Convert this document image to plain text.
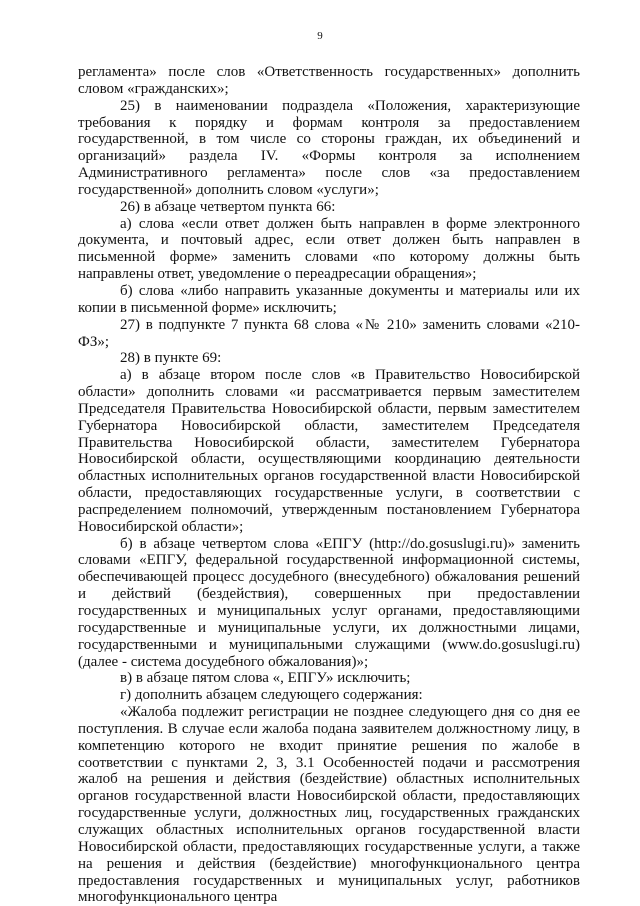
9

регламента» после слов «Ответственность государственных» дополнить словом «гражданских»;

25) в наименовании подраздела «Положения, характеризующие требования к порядку и формам контроля за предоставлением государственной, в том числе со стороны граждан, их объединений и организаций» раздела IV. «Формы контроля за исполнением Административного регламента» после слов «за предоставлением государственной» дополнить словом «услуги»;

26) в абзаце четвертом пункта 66:

а) слова «если ответ должен быть направлен в форме электронного документа, и почтовый адрес, если ответ должен быть направлен в письменной форме» заменить словами «по которому должны быть направлены ответ, уведомление о переадресации обращения»;

б) слова «либо направить указанные документы и материалы или их копии в письменной форме» исключить;

27) в подпункте 7 пункта 68 слова «№ 210» заменить словами «210-ФЗ»;

28) в пункте 69:

а) в абзаце втором после слов «в Правительство Новосибирской области» дополнить словами «и рассматривается первым заместителем Председателя Правительства Новосибирской области, первым заместителем Губернатора Новосибирской области, заместителем Председателя Правительства Новосибирской области, заместителем Губернатора Новосибирской области, осуществляющими координацию деятельности областных исполнительных органов государственной власти Новосибирской области, предоставляющих государственные услуги, в соответствии с распределением полномочий, утвержденным постановлением Губернатора Новосибирской области»;

б) в абзаце четвертом слова «ЕПГУ (http://do.gosuslugi.ru)» заменить словами «ЕПГУ, федеральной государственной информационной системы, обеспечивающей процесс досудебного (внесудебного) обжалования решений и действий (бездействия), совершенных при предоставлении государственных и муниципальных услуг органами, предоставляющими государственные и муниципальные услуги, их должностными лицами, государственными и муниципальными служащими (www.do.gosuslugi.ru) (далее - система досудебного обжалования)»;

в) в абзаце пятом слова «, ЕПГУ» исключить;

г) дополнить абзацем следующего содержания:

«Жалоба подлежит регистрации не позднее следующего дня со дня ее поступления. В случае если жалоба подана заявителем должностному лицу, в компетенцию которого не входит принятие решения по жалобе в соответствии с пунктами 2, 3, 3.1 Особенностей подачи и рассмотрения жалоб на решения и действия (бездействие) областных исполнительных органов государственной власти Новосибирской области, предоставляющих государственные услуги, должностных лиц, государственных гражданских служащих областных исполнительных органов государственной власти Новосибирской области, предоставляющих государственные услуги, а также на решения и действия (бездействие) многофункционального центра предоставления государственных и муниципальных услуг, работников многофункционального центра
